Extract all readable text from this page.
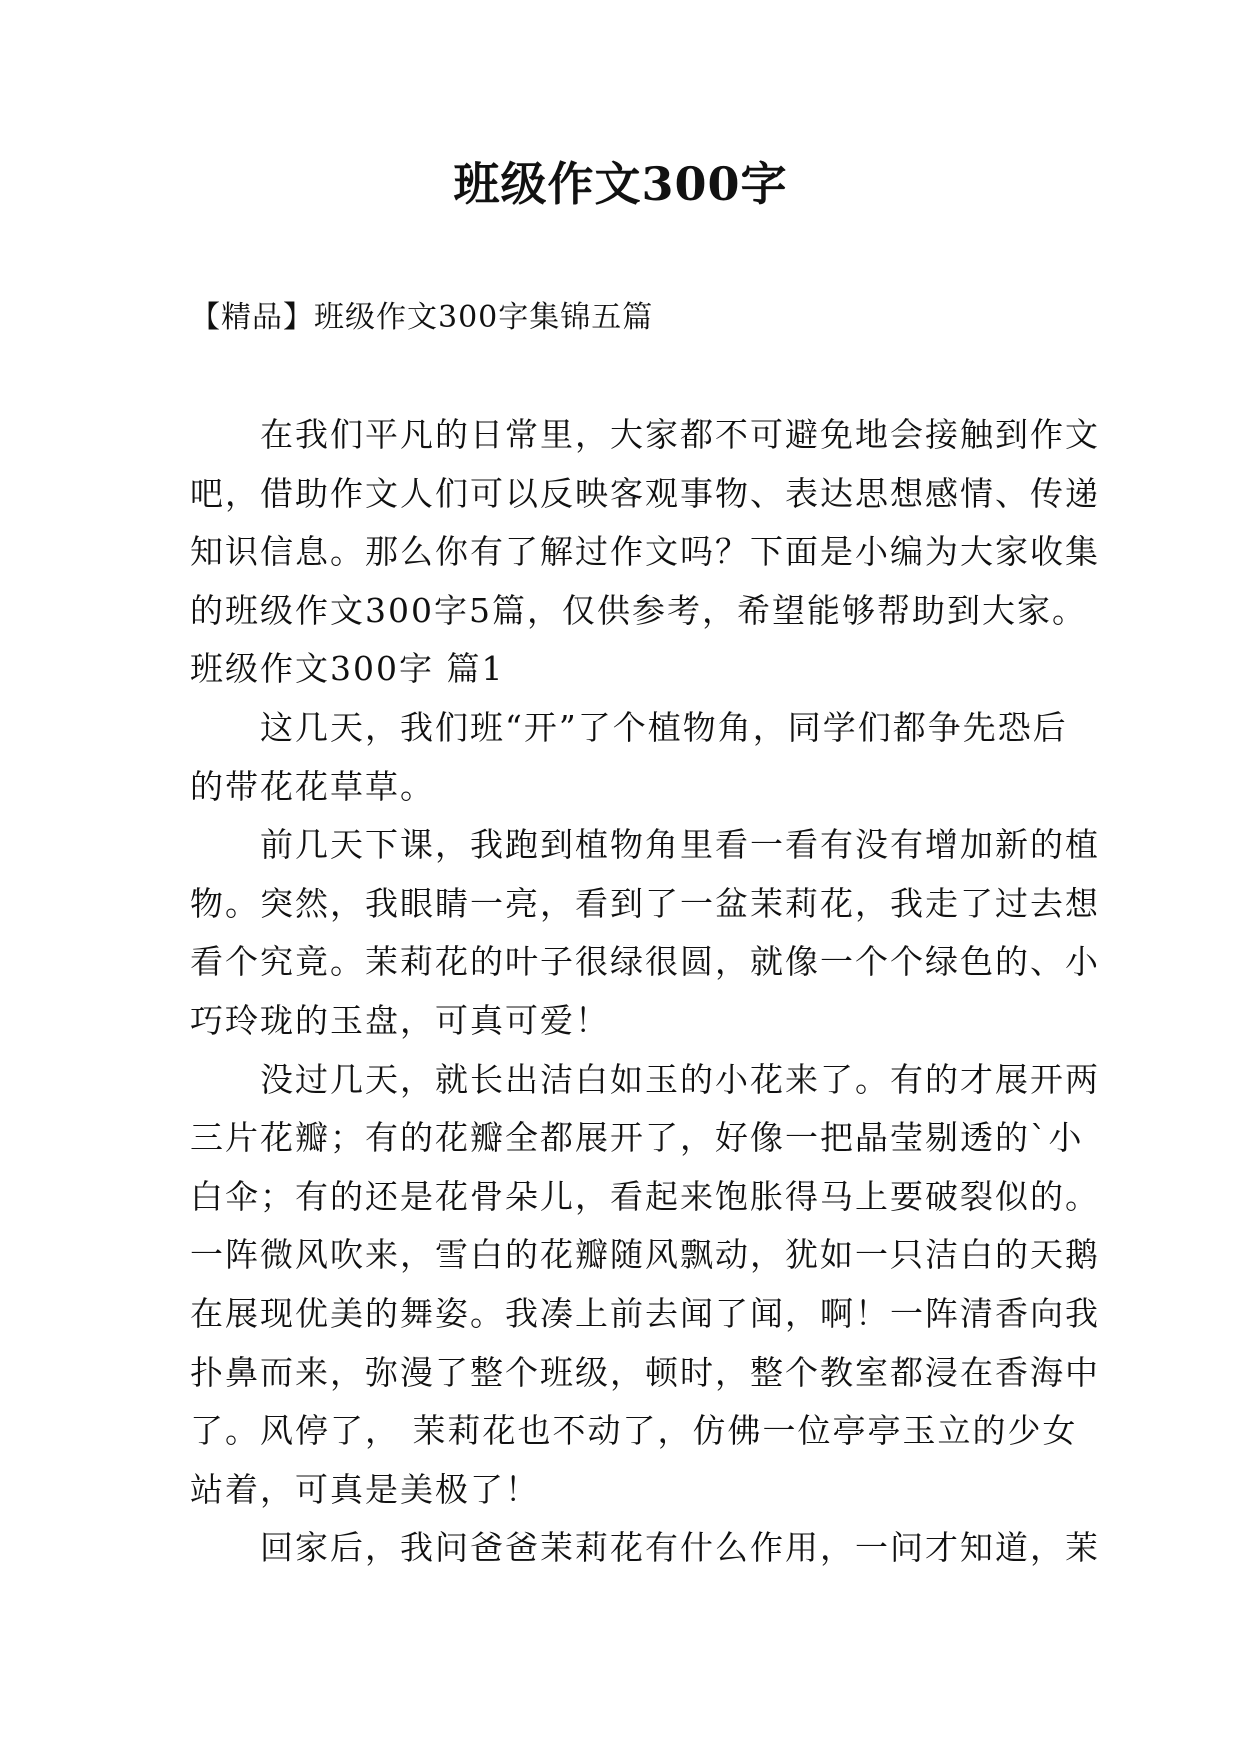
班级作文300字
【精品】班级作文300字集锦五篇
　　在我们平凡的日常里，大家都不可避免地会接触到作文
吧，借助作文人们可以反映客观事物、表达思想感情、传递
知识信息。那么你有了解过作文吗？下面是小编为大家收集
的班级作文300字5篇，仅供参考，希望能够帮助到大家。
班级作文300字 篇1
　　这几天，我们班“开”了个植物角，同学们都争先恐后
的带花花草草。
　　前几天下课，我跑到植物角里看一看有没有增加新的植
物。突然，我眼睛一亮，看到了一盆茉莉花，我走了过去想
看个究竟。茉莉花的叶子很绿很圆，就像一个个绿色的、小
巧玲珑的玉盘，可真可爱！
　　没过几天，就长出洁白如玉的小花来了。有的才展开两
三片花瓣；有的花瓣全都展开了，好像一把晶莹剔透的`小
白伞；有的还是花骨朵儿，看起来饱胀得马上要破裂似的。
一阵微风吹来，雪白的花瓣随风飘动，犹如一只洁白的天鹅
在展现优美的舞姿。我凑上前去闻了闻，啊！一阵清香向我
扑鼻而来，弥漫了整个班级，顿时，整个教室都浸在香海中
了。风停了， 茉莉花也不动了，仿佛一位亭亭玉立的少女
站着，可真是美极了！
　　回家后，我问爸爸茉莉花有什么作用，一问才知道，茉
